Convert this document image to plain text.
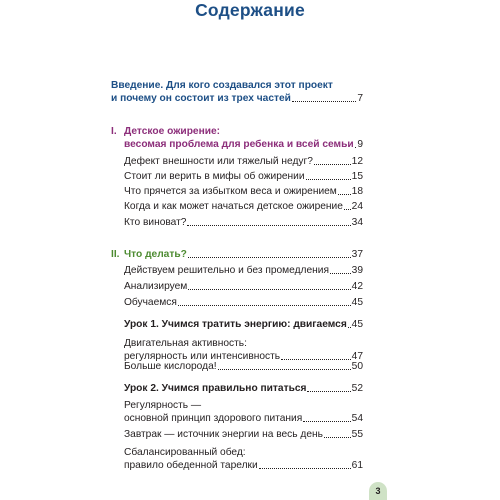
Содержание
Введение. Для кого создавался этот проект
и почему он состоит из трех частей	7
I. Детское ожирение:
весомая проблема для ребенка и всей семьи 9
Дефект внешности или тяжелый недуг?	12
Стоит ли верить в мифы об ожирении	15
Что прячется за избытком веса и ожирением 18
Когда и как может начаться детское ожирение 24
Кто виноват?	34
II. Что делать?	37
Действуем решительно и без промедления 39
Анализируем	42
Обучаемся	45
Урок 1. Учимся тратить энергию: двигаемся 45
Двигательная активность:
регулярность или интенсивность	47
Больше кислорода!	50
Урок 2. Учимся правильно питаться	52
Регулярность —
основной принцип здорового питания	54
Завтрак — источник энергии на весь день	55
Сбалансированный обед:
правило обеденной тарелки	61
3
